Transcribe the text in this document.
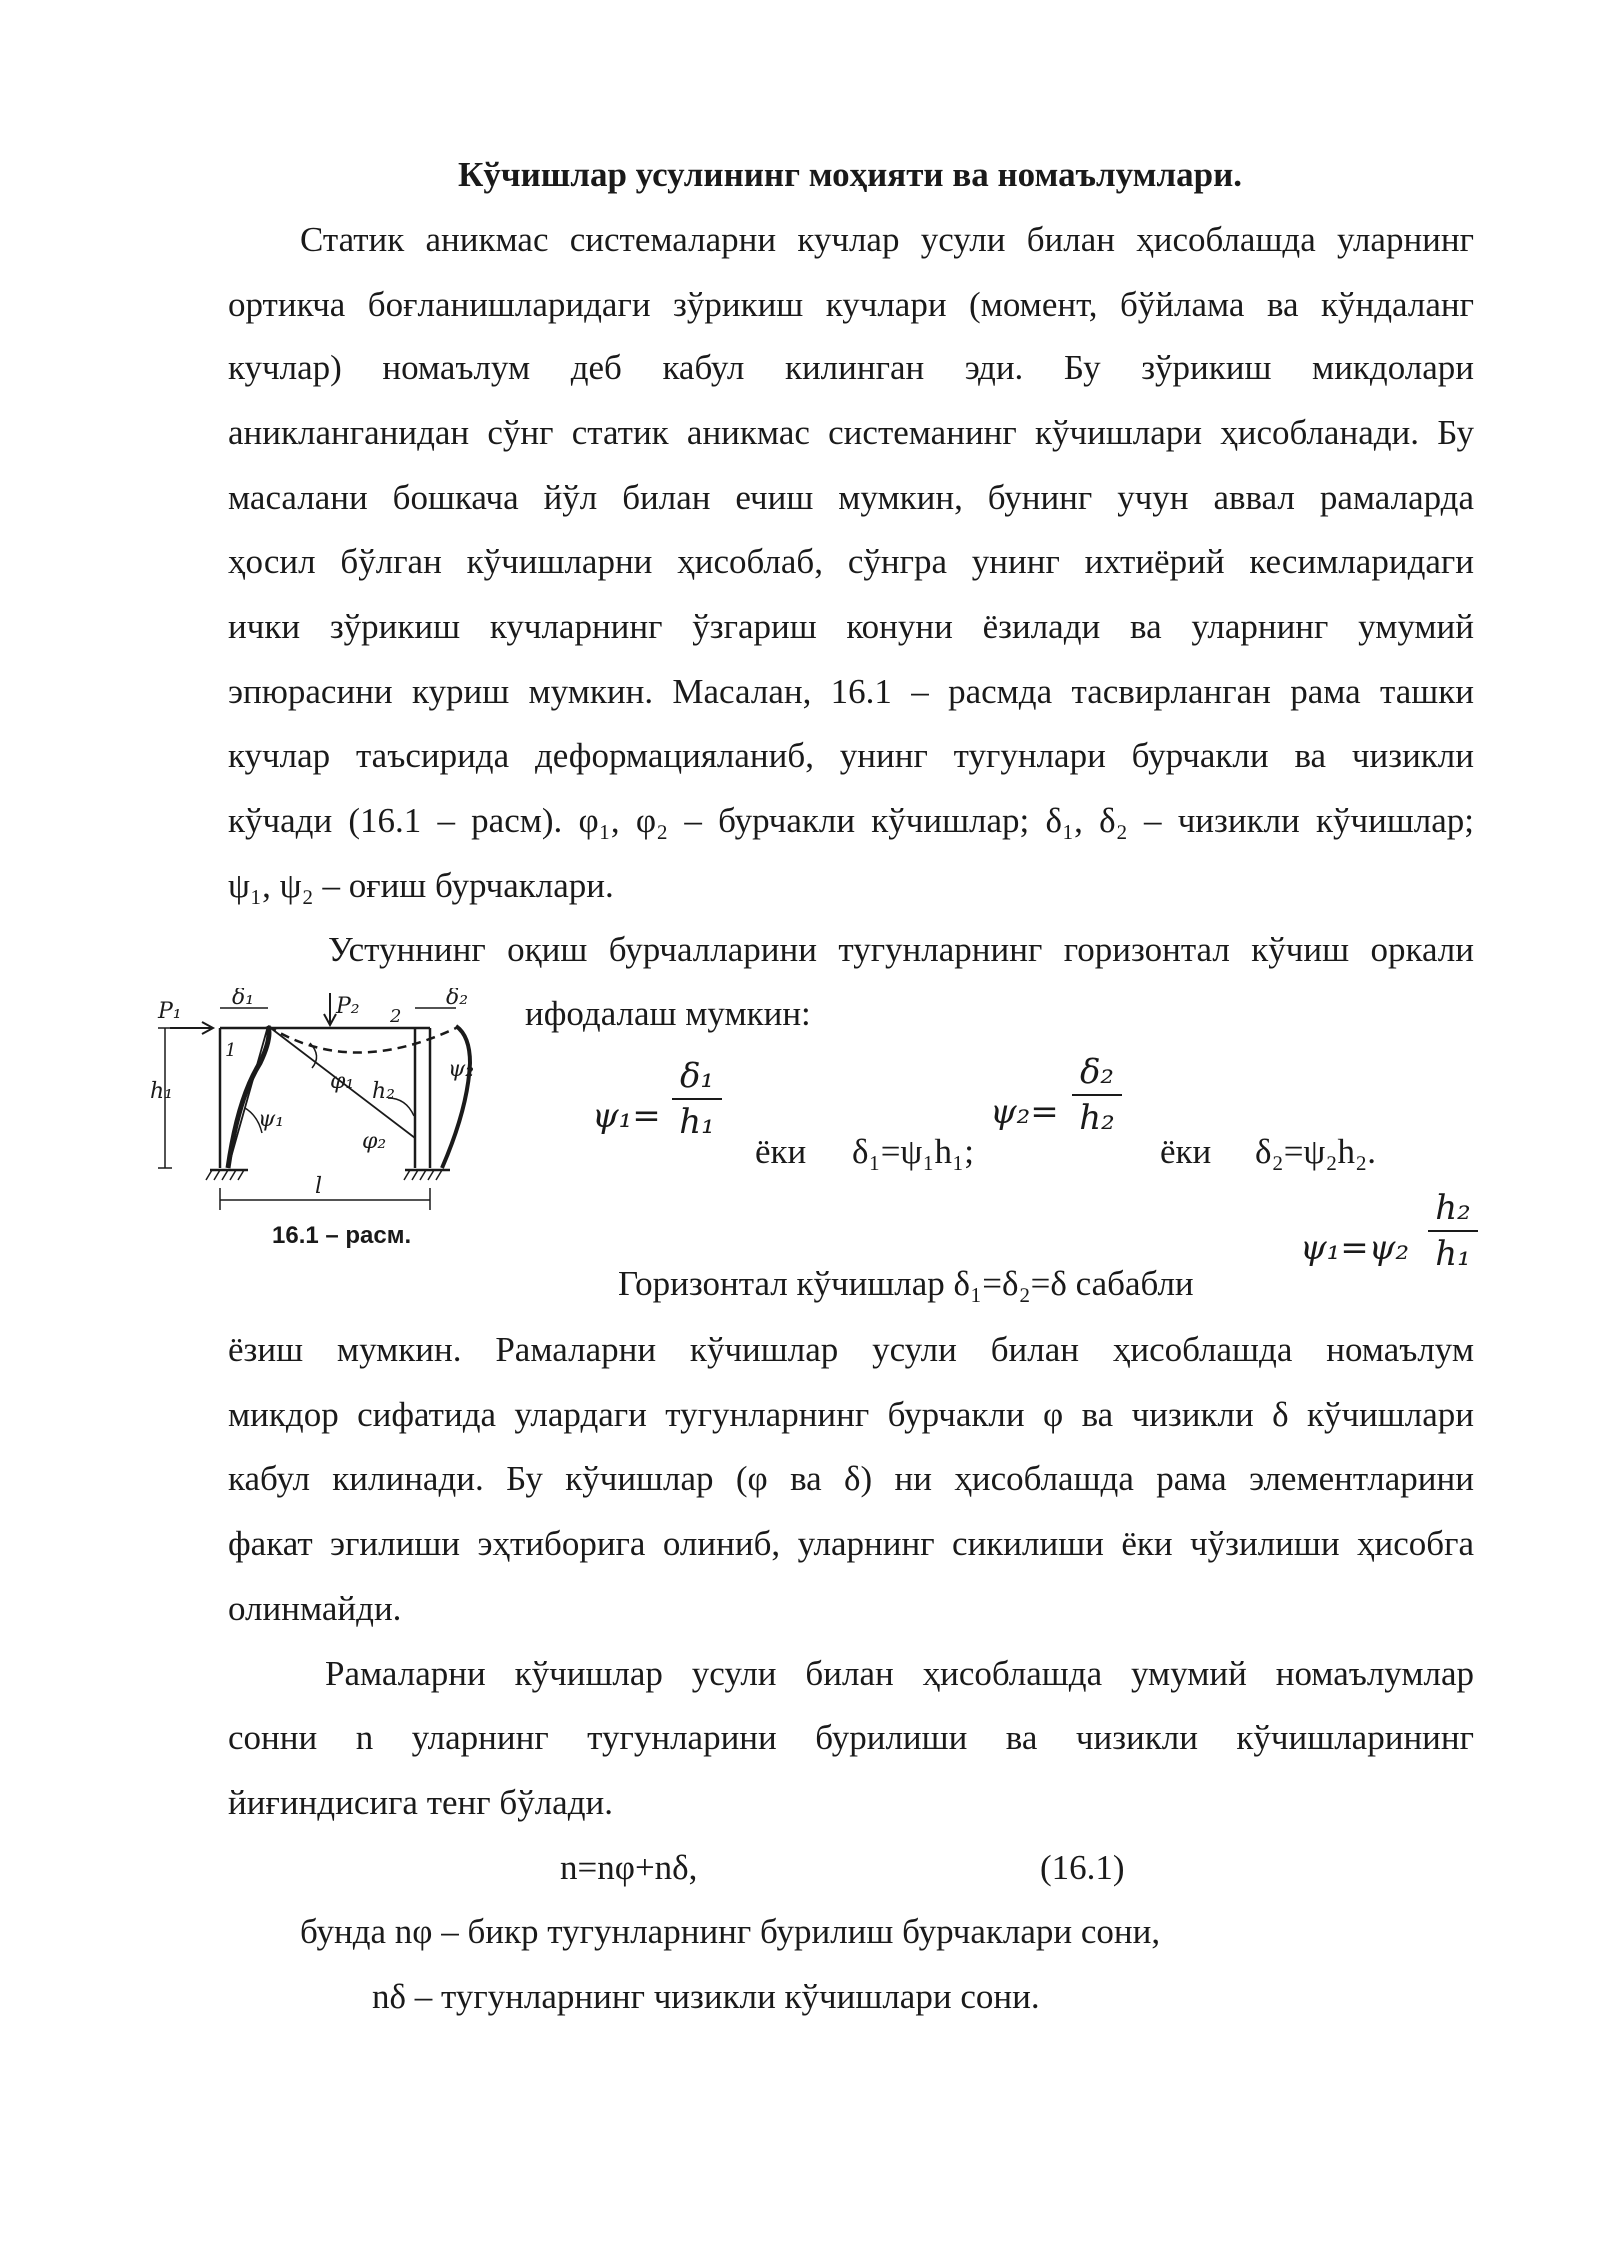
Кўчишлар усулининг моҳияти ва номаълумлари.
Статик аникмас системаларни кучлар усули билан ҳисоблашда уларнинг
ортикча боғланишларидаги зўрикиш кучлари (момент, бўйлама ва кўндаланг
кучлар) номаълум деб кабул килинган эди. Бу зўрикиш микдолари
аникланганидан сўнг статик аникмас системанинг кўчишлари ҳисобланади. Бу
масалани бошкача йўл билан ечиш мумкин, бунинг учун аввал рамаларда
ҳосил бўлган кўчишларни ҳисоблаб, сўнгра унинг ихтиёрий кесимларидаги
ички зўрикиш кучларнинг ўзгариш конуни ёзилади ва уларнинг умумий
эпюрасини куриш мумкин. Масалан, 16.1 – расмда тасвирланган рама ташки
кучлар таъсирида деформацияланиб, унинг тугунлари бурчакли ва чизикли
кўчади (16.1 – расм). φ₁, φ₂ – бурчакли кўчишлар; δ₁, δ₂ – чизикли кўчишлар;
ψ₁, ψ₂ – оғиш бурчаклари.
Устуннинг оқиш бурчалларини тугунларнинг горизонтал кўчиш оркали
ифодалаш мумкин:
P₁	P₂
δ₁	δ₂
h₁	h₂
ψ₁
ψ₂
φ₁
φ₂
l
1
2
16.1 – расм.
ψ₁=
δ₁
h₁
ёки δ₁=ψ₁h₁;
ψ₂=
δ₂
h₂
ёки δ₂=ψ₂h₂.
ψ₁=ψ₂
h₂
h₁
Горизонтал кўчишлар δ₁=δ₂=δ сабабли
ёзиш мумкин. Рамаларни кўчишлар усули билан ҳисоблашда номаълум
микдор сифатида улардаги тугунларнинг бурчакли φ ва чизикли δ кўчишлари
кабул килинади. Бу кўчишлар (φ ва δ) ни ҳисоблашда рама элементларини
факат эгилиши эҳтиборига олиниб, уларнинг сикилиши ёки чўзилиши ҳисобга
олинмайди.
Рамаларни кўчишлар усули билан ҳисоблашда умумий номаълумлар
сонни n уларнинг тугунларини бурилиши ва чизикли кўчишларининг
йиғиндисига тенг бўлади.
n=nφ+nδ,	(16.1)
бунда nφ – бикр тугунларнинг бурилиш бурчаклари сони,
nδ – тугунларнинг чизикли кўчишлари сони.
